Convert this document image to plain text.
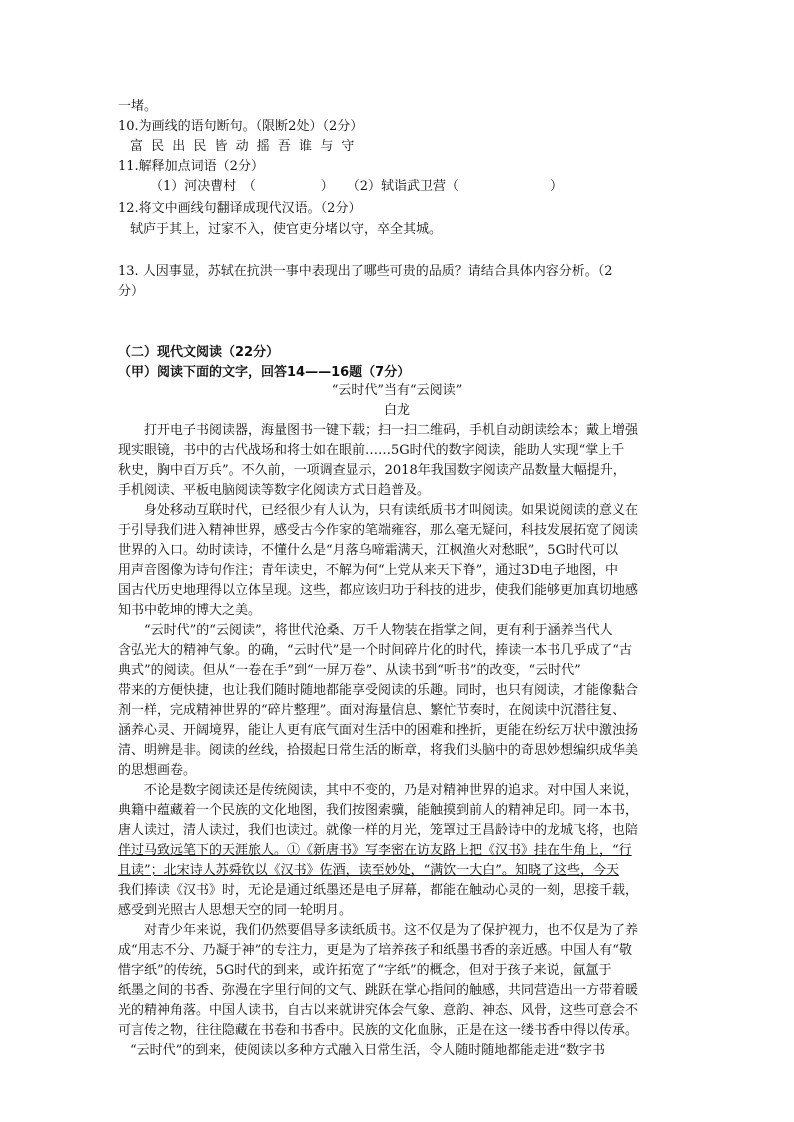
一堵。
10.为画线的语句断句。（限断2处）（2分）
富 民 出 民 皆 动 摇 吾 谁 与 守
11.解释加点词语（2分）
（1）河决曹村　（　　　　　）　　（2）轼诣武卫营（　　　　　　　）
12.将文中画线句翻译成现代汉语。（2分）
轼庐于其上，过家不入，使官吏分堵以守，卒全其城。
13. 人因事显，苏轼在抗洪一事中表现出了哪些可贵的品质？请结合具体内容分析。（2
分）
（二）现代文阅读（22分）
（甲）阅读下面的文字，回答14——16题（7分）
“云时代”当有“云阅读”
白龙
打开电子书阅读器，海量图书一键下载；扫一扫二维码，手机自动朗读绘本；戴上增强
现实眼镜，书中的古代战场和将士如在眼前……5G时代的数字阅读，能助人实现“掌上千
秋史，胸中百万兵”。不久前，一项调查显示，2018年我国数字阅读产品数量大幅提升，
手机阅读、平板电脑阅读等数字化阅读方式日趋普及。
身处移动互联时代，已经很少有人认为，只有读纸质书才叫阅读。如果说阅读的意义在
于引导我们进入精神世界，感受古今作家的笔端雍容，那么毫无疑问，科技发展拓宽了阅读
世界的入口。幼时读诗，不懂什么是“月落乌啼霜满天，江枫渔火对愁眠”，5G时代可以
用声音图像为诗句作注；青年读史，不解为何“上党从来天下脊”，通过3D电子地图，中
国古代历史地理得以立体呈现。这些，都应该归功于科技的进步，使我们能够更加真切地感
知书中乾坤的博大之美。
“云时代”的“云阅读”，将世代沧桑、万千人物装在指掌之间，更有利于涵养当代人
含弘光大的精神气象。的确，“云时代”是一个时间碎片化的时代，捧读一本书几乎成了“古
典式”的阅读。但从“一卷在手”到“一屏万卷”、从读书到“听书”的改变，“云时代”
带来的方便快捷，也让我们随时随地都能享受阅读的乐趣。同时，也只有阅读，才能像黏合
剂一样，完成精神世界的“碎片整理”。面对海量信息、繁忙节奏时，在阅读中沉潜往复、
涵养心灵、开阔境界，能让人更有底气面对生活中的困难和挫折，更能在纷纭万状中激浊扬
清、明辨是非。阅读的丝线，拾掇起日常生活的断章，将我们头脑中的奇思妙想编织成华美
的思想画卷。
不论是数字阅读还是传统阅读，其中不变的，乃是对精神世界的追求。对中国人来说，
典籍中蕴藏着一个民族的文化地图，我们按图索骥，能触摸到前人的精神足印。同一本书，
唐人读过，清人读过，我们也读过。就像一样的月光，笼罩过王昌龄诗中的龙城飞将，也陪
伴过马致远笔下的天涯旅人。①《新唐书》写李密在访友路上把《汉书》挂在牛角上，“行
且读”；北宋诗人苏舜钦以《汉书》佐酒，读至妙处，“满饮一大白”。知晓了这些，今天
我们捧读《汉书》时，无论是通过纸墨还是电子屏幕，都能在触动心灵的一刻，思接千载，
感受到光照古人思想天空的同一轮明月。
对青少年来说，我们仍然要倡导多读纸质书。这不仅是为了保护视力，也不仅是为了养
成“用志不分、乃凝于神”的专注力，更是为了培养孩子和纸墨书香的亲近感。中国人有“敬
惜字纸”的传统，5G时代的到来，或许拓宽了“字纸”的概念，但对于孩子来说，氤氲于
纸墨之间的书香、弥漫在字里行间的文气、跳跃在掌心指间的触感，共同营造出一方带着暖
光的精神角落。中国人读书，自古以来就讲究体会气象、意韵、神态、风骨，这些可意会不
可言传之物，往往隐藏在书卷和书香中。民族的文化血脉，正是在这一缕书香中得以传承。
“云时代”的到来，使阅读以多种方式融入日常生活，令人随时随地都能走进“数字书
